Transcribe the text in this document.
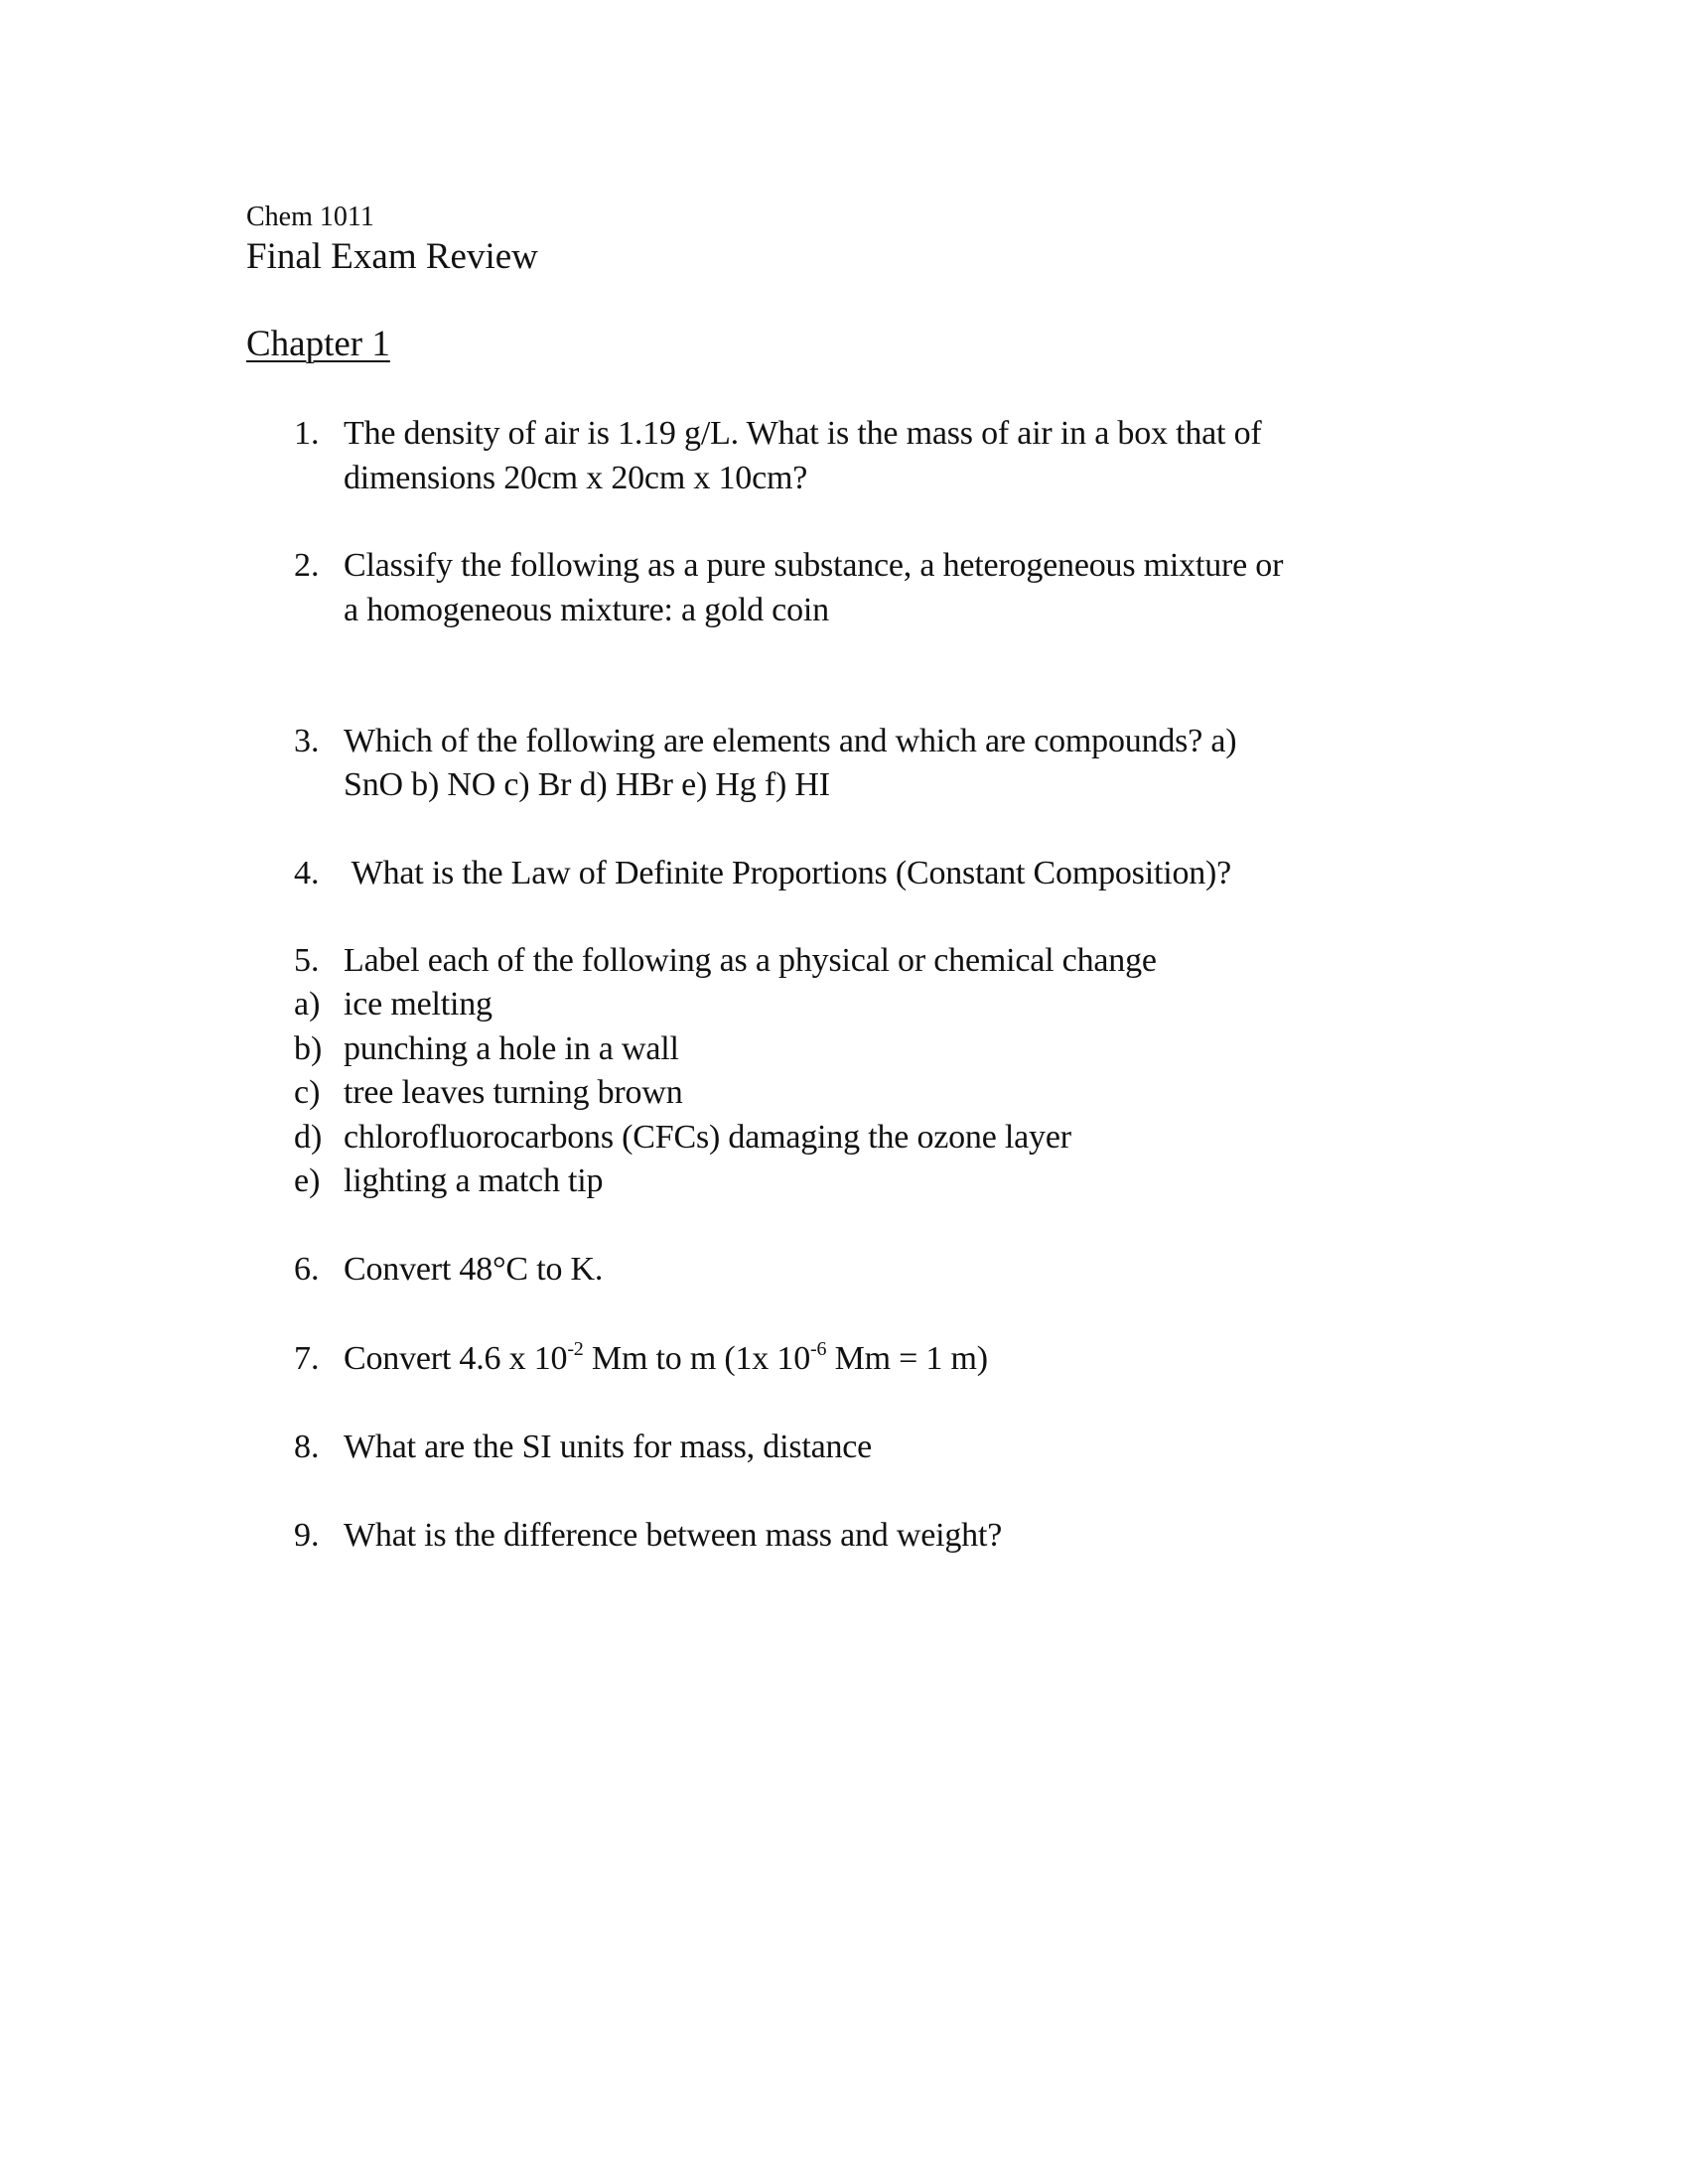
Chem 1011
Final Exam Review
Chapter 1
1. The density of air is 1.19 g/L. What is the mass of air in a box that of
dimensions 20cm x 20cm x 10cm?
2. Classify the following as a pure substance, a heterogeneous mixture or
a homogeneous mixture: a gold coin
3. Which of the following are elements and which are compounds? a)
SnO b) NO c) Br d) HBr e) Hg f) HI
4. What is the Law of Definite Proportions (Constant Composition)?
5. Label each of the following as a physical or chemical change
a) ice melting
b) punching a hole in a wall
c) tree leaves turning brown
d) chlorofluorocarbons (CFCs) damaging the ozone layer
e) lighting a match tip
6. Convert 48°C to K.
7. Convert 4.6 x $10^{-2}$ Mm to m (1x $10^{-6}$ Mm = 1 m)
8. What are the SI units for mass, distance
9. What is the difference between mass and weight?
